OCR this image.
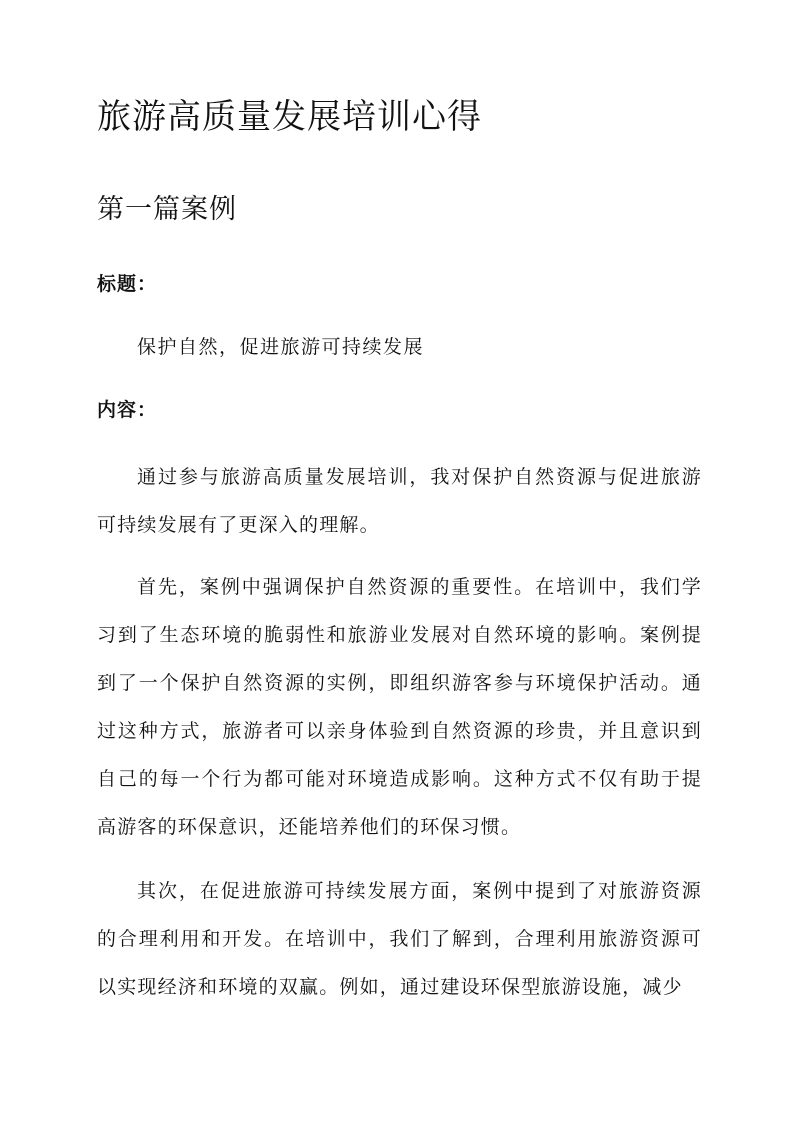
旅游高质量发展培训心得
第一篇案例

标题：

保护自然，促进旅游可持续发展

内容：

通过参与旅游高质量发展培训，我对保护自然资源与促进旅游可持续发展有了更深入的理解。

首先，案例中强调保护自然资源的重要性。在培训中，我们学习到了生态环境的脆弱性和旅游业发展对自然环境的影响。案例提到了一个保护自然资源的实例，即组织游客参与环境保护活动。通过这种方式，旅游者可以亲身体验到自然资源的珍贵，并且意识到自己的每一个行为都可能对环境造成影响。这种方式不仅有助于提高游客的环保意识，还能培养他们的环保习惯。

其次，在促进旅游可持续发展方面，案例中提到了对旅游资源的合理利用和开发。在培训中，我们了解到，合理利用旅游资源可以实现经济和环境的双赢。例如，通过建设环保型旅游设施，减少
